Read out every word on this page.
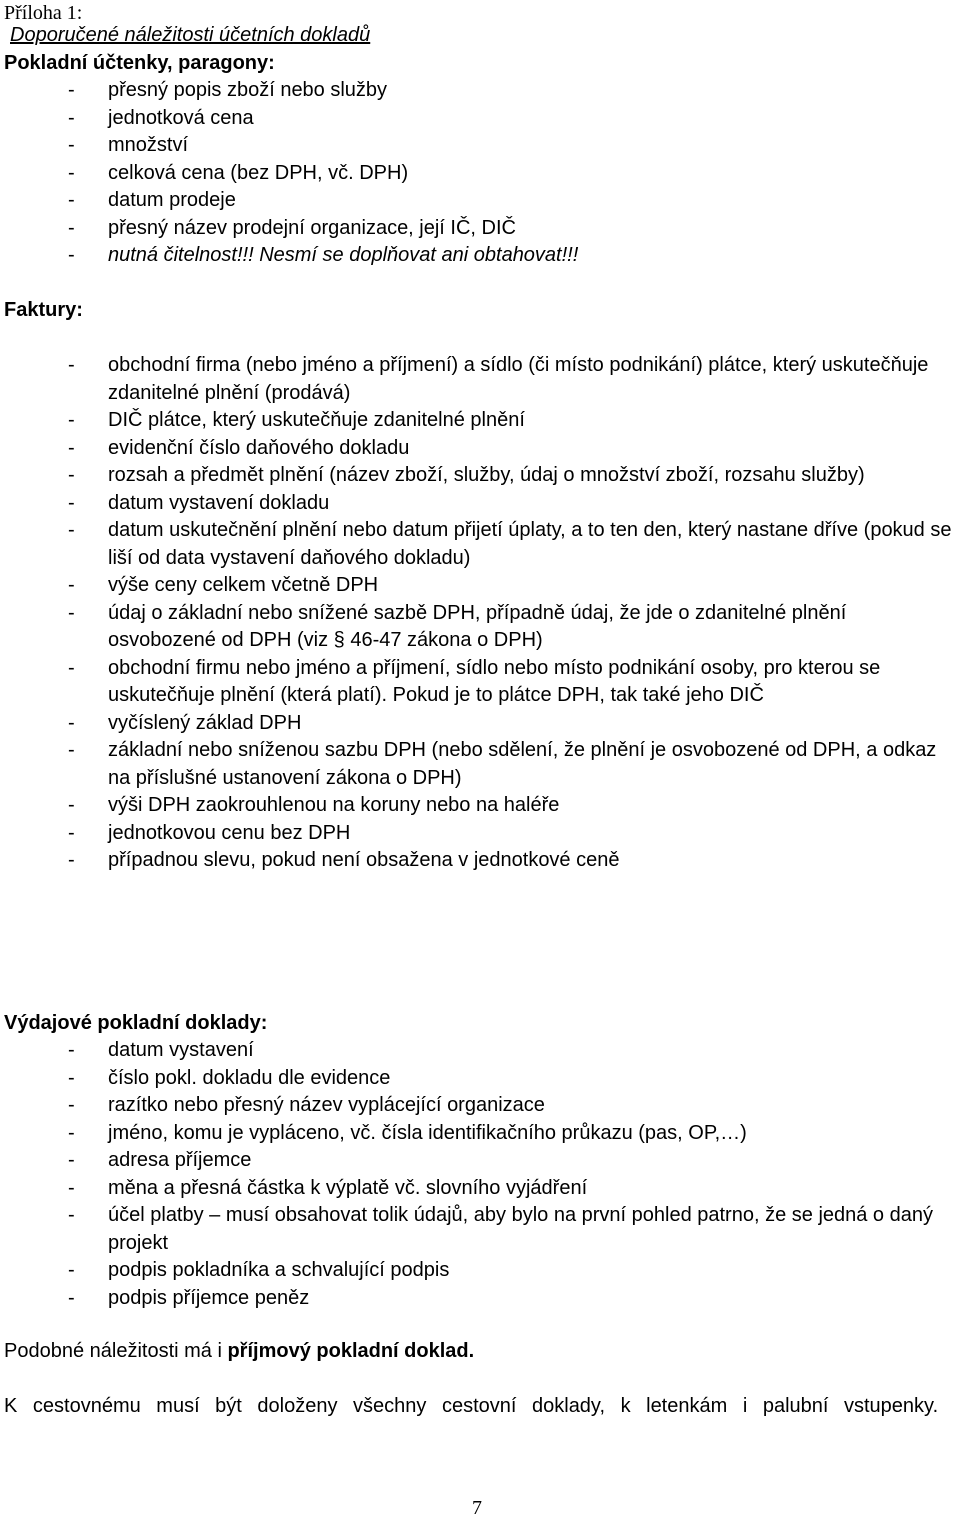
Příloha 1:
Doporučené náležitosti účetních dokladů
Pokladní účtenky, paragony:
- přesný popis zboží nebo služby
- jednotková cena
- množství
- celková cena (bez DPH, vč. DPH)
- datum prodeje
- přesný název prodejní organizace, její IČ, DIČ
- nutná čitelnost!!! Nesmí se doplňovat ani obtahovat!!!
Faktury:
- obchodní firma (nebo jméno a příjmení) a sídlo (či místo podnikání) plátce, který uskutečňuje zdanitelné plnění (prodává)
- DIČ plátce, který uskutečňuje zdanitelné plnění
- evidenční číslo daňového dokladu
- rozsah a předmět plnění (název zboží, služby, údaj o množství zboží, rozsahu služby)
- datum vystavení dokladu
- datum uskutečnění plnění nebo datum přijetí úplaty, a to ten den, který nastane dříve (pokud se liší od data vystavení daňového dokladu)
- výše ceny celkem včetně DPH
- údaj o základní nebo snížené sazbě DPH, případně údaj, že jde o zdanitelné plnění osvobozené od DPH (viz § 46-47 zákona o DPH)
- obchodní firmu nebo jméno a příjmení, sídlo nebo místo podnikání osoby, pro kterou se uskutečňuje plnění (která platí). Pokud je to plátce DPH, tak také jeho DIČ
- vyčíslený základ DPH
- základní nebo sníženou sazbu DPH (nebo sdělení, že plnění je osvobozené od DPH, a odkaz na příslušné ustanovení zákona o DPH)
- výši DPH zaokrouhlenou na koruny nebo na haléře
- jednotkovou cenu bez DPH
- případnou slevu, pokud není obsažena v jednotkové ceně
Výdajové pokladní doklady:
- datum vystavení
- číslo pokl. dokladu dle evidence
- razítko nebo přesný název vyplácející organizace
- jméno, komu je vypláceno, vč. čísla identifikačního průkazu (pas, OP,…)
- adresa příjemce
- měna a přesná částka k výplatě vč. slovního vyjádření
- účel platby – musí obsahovat tolik údajů, aby bylo na první pohled patrno, že se jedná o daný projekt
- podpis pokladníka a schvalující podpis
- podpis příjemce peněz
Podobné náležitosti má i příjmový pokladní doklad.
K cestovnému musí být doloženy všechny cestovní doklady, k letenkám i palubní vstupenky.
7
